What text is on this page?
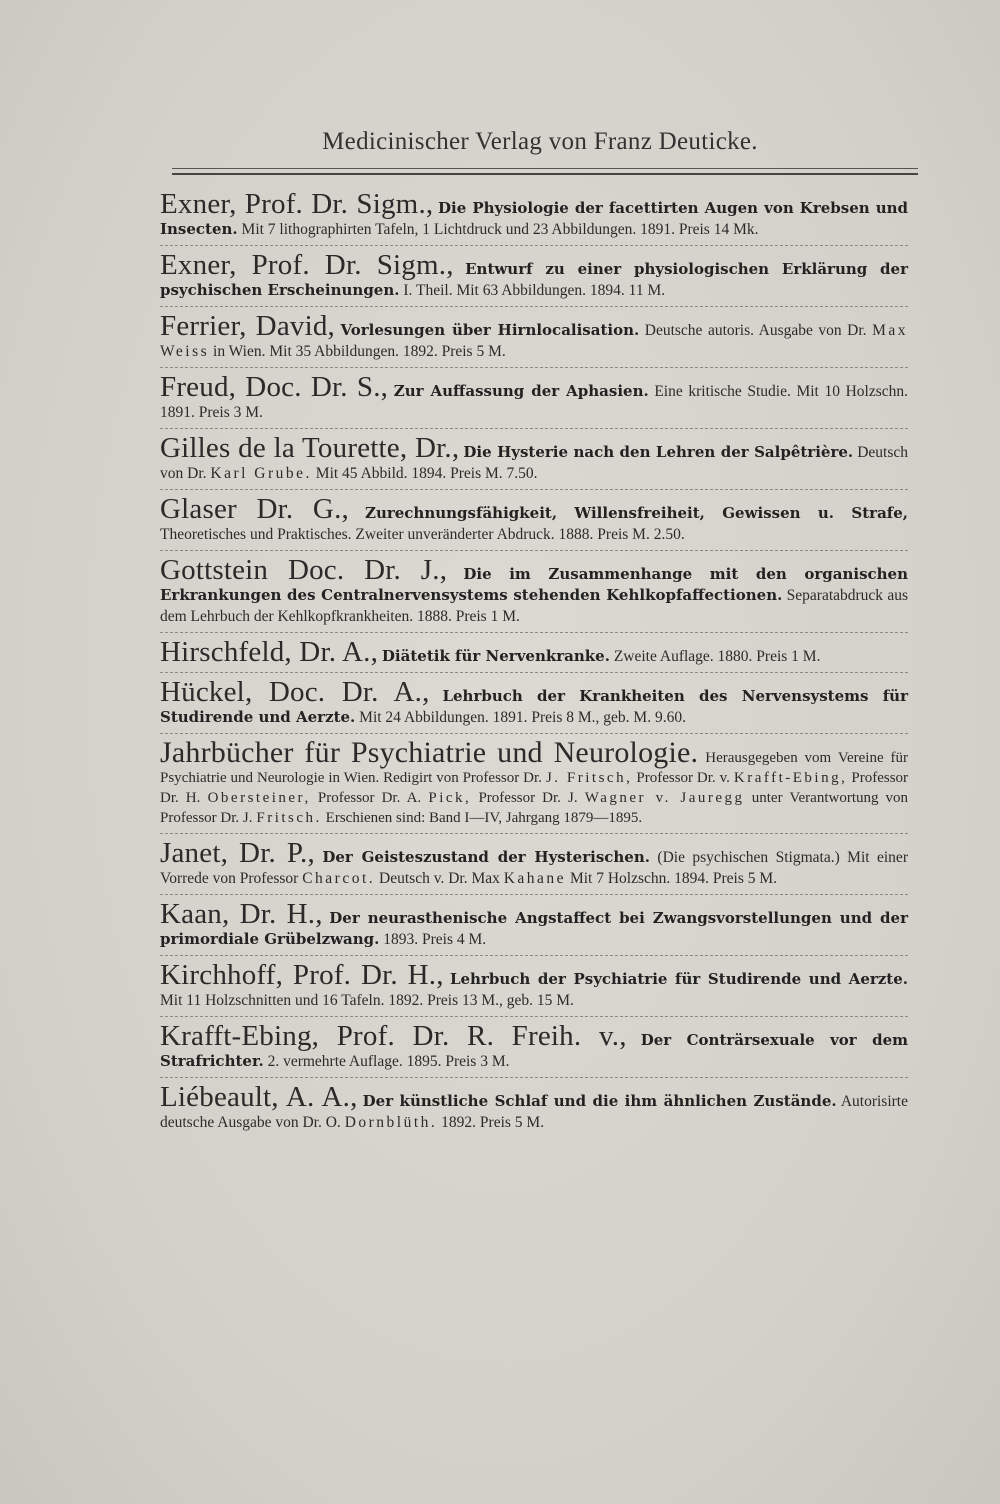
Medicinischer Verlag von Franz Deuticke.

Exner, Prof. Dr. Sigm., Die Physiologie der facettirten Augen von Krebsen und Insecten. Mit 7 lithographirten Tafeln, 1 Lichtdruck und 23 Abbildungen. 1891. Preis 14 Mk.

Exner, Prof. Dr. Sigm., Entwurf zu einer physiologischen Erklärung der psychischen Erscheinungen. I. Theil. Mit 63 Abbildungen. 1894. 11 M.

Ferrier, David, Vorlesungen über Hirnlocalisation. Deutsche autoris. Ausgabe von Dr. Max Weiss in Wien. Mit 35 Abbildungen. 1892. Preis 5 M.

Freud, Doc. Dr. S., Zur Auffassung der Aphasien. Eine kritische Studie. Mit 10 Holzschn. 1891. Preis 3 M.

Gilles de la Tourette, Dr., Die Hysterie nach den Lehren der Salpêtrière. Deutsch von Dr. Karl Grube. Mit 45 Abbild. 1894. Preis M. 7.50.

Glaser Dr. G., Zurechnungsfähigkeit, Willensfreiheit, Gewissen u. Strafe, Theoretisches und Praktisches. Zweiter unveränderter Abdruck. 1888. Preis M. 2.50.

Gottstein Doc. Dr. J., Die im Zusammenhange mit den organischen Erkrankungen des Centralnervensystems stehenden Kehlkopfaffectionen. Separatabdruck aus dem Lehrbuch der Kehlkopfkrankheiten. 1888. Preis 1 M.

Hirschfeld, Dr. A., Diätetik für Nervenkranke. Zweite Auflage. 1880. Preis 1 M.

Hückel, Doc. Dr. A., Lehrbuch der Krankheiten des Nervensystems für Studirende und Aerzte. Mit 24 Abbildungen. 1891. Preis 8 M., geb. M. 9.60.

Jahrbücher für Psychiatrie und Neurologie. Herausgegeben vom Vereine für Psychiatrie und Neurologie in Wien. Redigirt von Professor Dr. J. Fritsch, Professor Dr. v. Krafft-Ebing, Professor Dr. H. Obersteiner, Professor Dr. A. Pick, Professor Dr. J. Wagner v. Jauregg unter Verantwortung von Professor Dr. J. Fritsch. Erschienen sind: Band I—IV, Jahrgang 1879—1895.

Janet, Dr. P., Der Geisteszustand der Hysterischen. (Die psychischen Stigmata.) Mit einer Vorrede von Professor Charcot. Deutsch v. Dr. Max Kahane Mit 7 Holzschn. 1894. Preis 5 M.

Kaan, Dr. H., Der neurasthenische Angstaffect bei Zwangsvorstellungen und der primordiale Grübelzwang. 1893. Preis 4 M.

Kirchhoff, Prof. Dr. H., Lehrbuch der Psychiatrie für Studirende und Aerzte. Mit 11 Holzschnitten und 16 Tafeln. 1892. Preis 13 M., geb. 15 M.

Krafft-Ebing, Prof. Dr. R. Freih. v., Der Conträrsexuale vor dem Strafrichter. 2. vermehrte Auflage. 1895. Preis 3 M.

Liébeault, A. A., Der künstliche Schlaf und die ihm ähnlichen Zustände. Autorisirte deutsche Ausgabe von Dr. O. Dornblüth. 1892. Preis 5 M.
